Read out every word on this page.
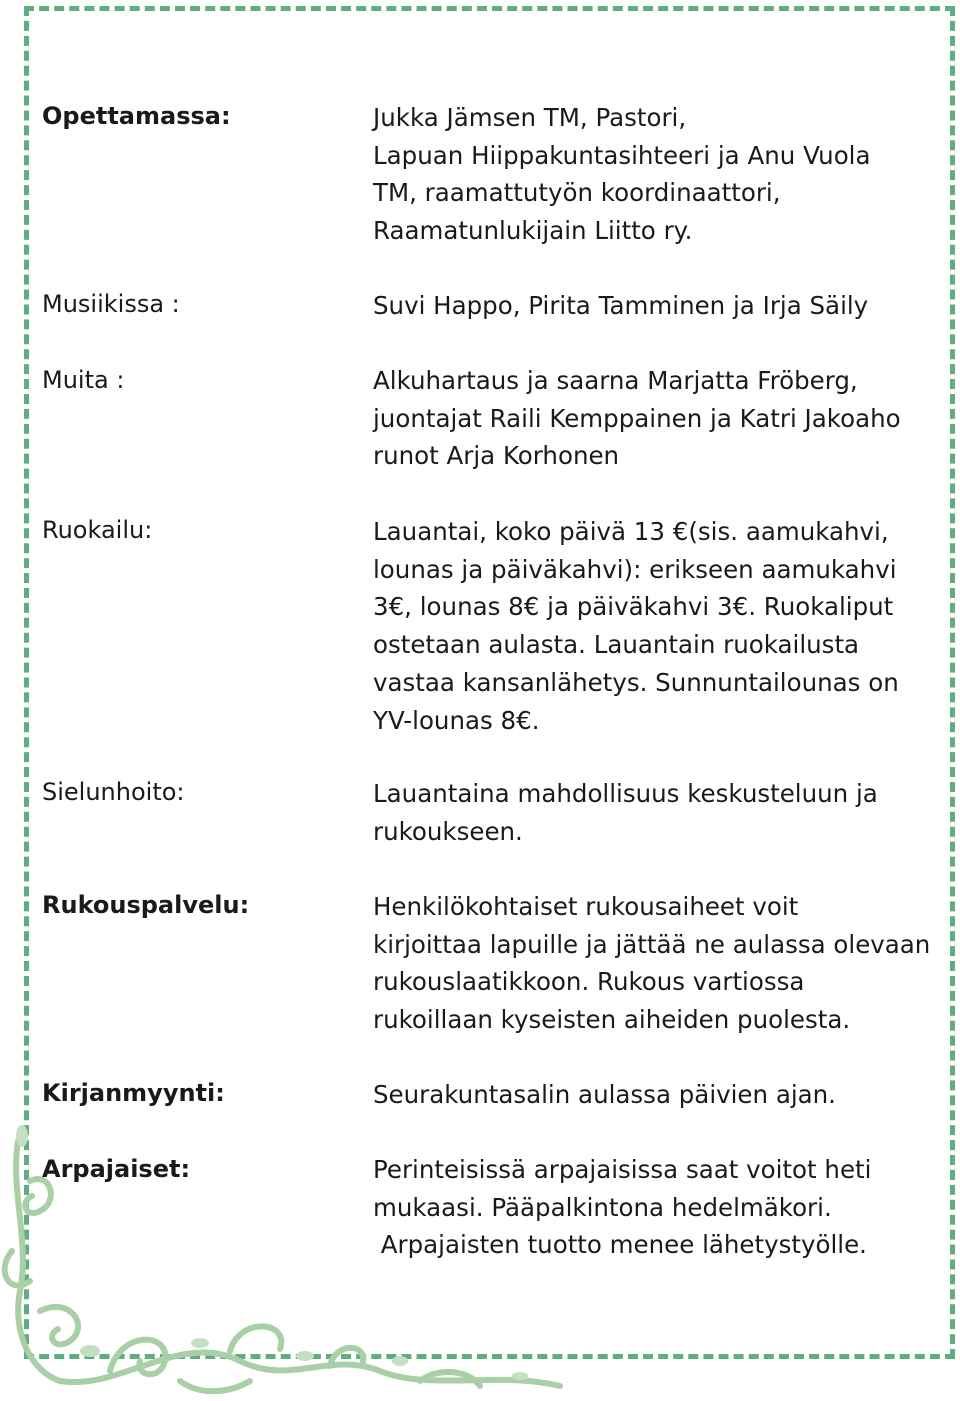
Opettamassa:	Jukka Jämsen TM, Pastori,

Lapuan Hiippakuntasihteeri ja Anu Vuola

TM, raamattutyön koordinaattori,

Raamatunlukijain Liitto ry.

Musiikissa :	Suvi Happo, Pirita Tamminen ja Irja Säily

Muita :	Alkuhartaus ja saarna Marjatta Fröberg,

juontajat Raili Kemppainen ja Katri Jakoaho

runot Arja Korhonen

Ruokailu:	Lauantai, koko päivä 13 €(sis. aamukahvi,

lounas ja päiväkahvi): erikseen aamukahvi

3€, lounas 8€ ja päiväkahvi 3€. Ruokaliput

ostetaan aulasta. Lauantain ruokailusta

vastaa kansanlähetys. Sunnuntailounas on

YV-lounas 8€.

Sielunhoito:	Lauantaina mahdollisuus keskusteluun ja

rukoukseen.

Rukouspalvelu:	Henkilökohtaiset rukousaiheet voit

kirjoittaa lapuille ja jättää ne aulassa olevaan

rukouslaatikkoon. Rukous vartiossa

rukoillaan kyseisten aiheiden puolesta.

Kirjanmyynti:	Seurakuntasalin aulassa päivien ajan.

Arpajaiset:	Perinteisissä arpajaisissa saat voitot heti

mukaasi. Pääpalkintona hedelmäkori.

Arpajaisten tuotto menee lähetystyölle.
